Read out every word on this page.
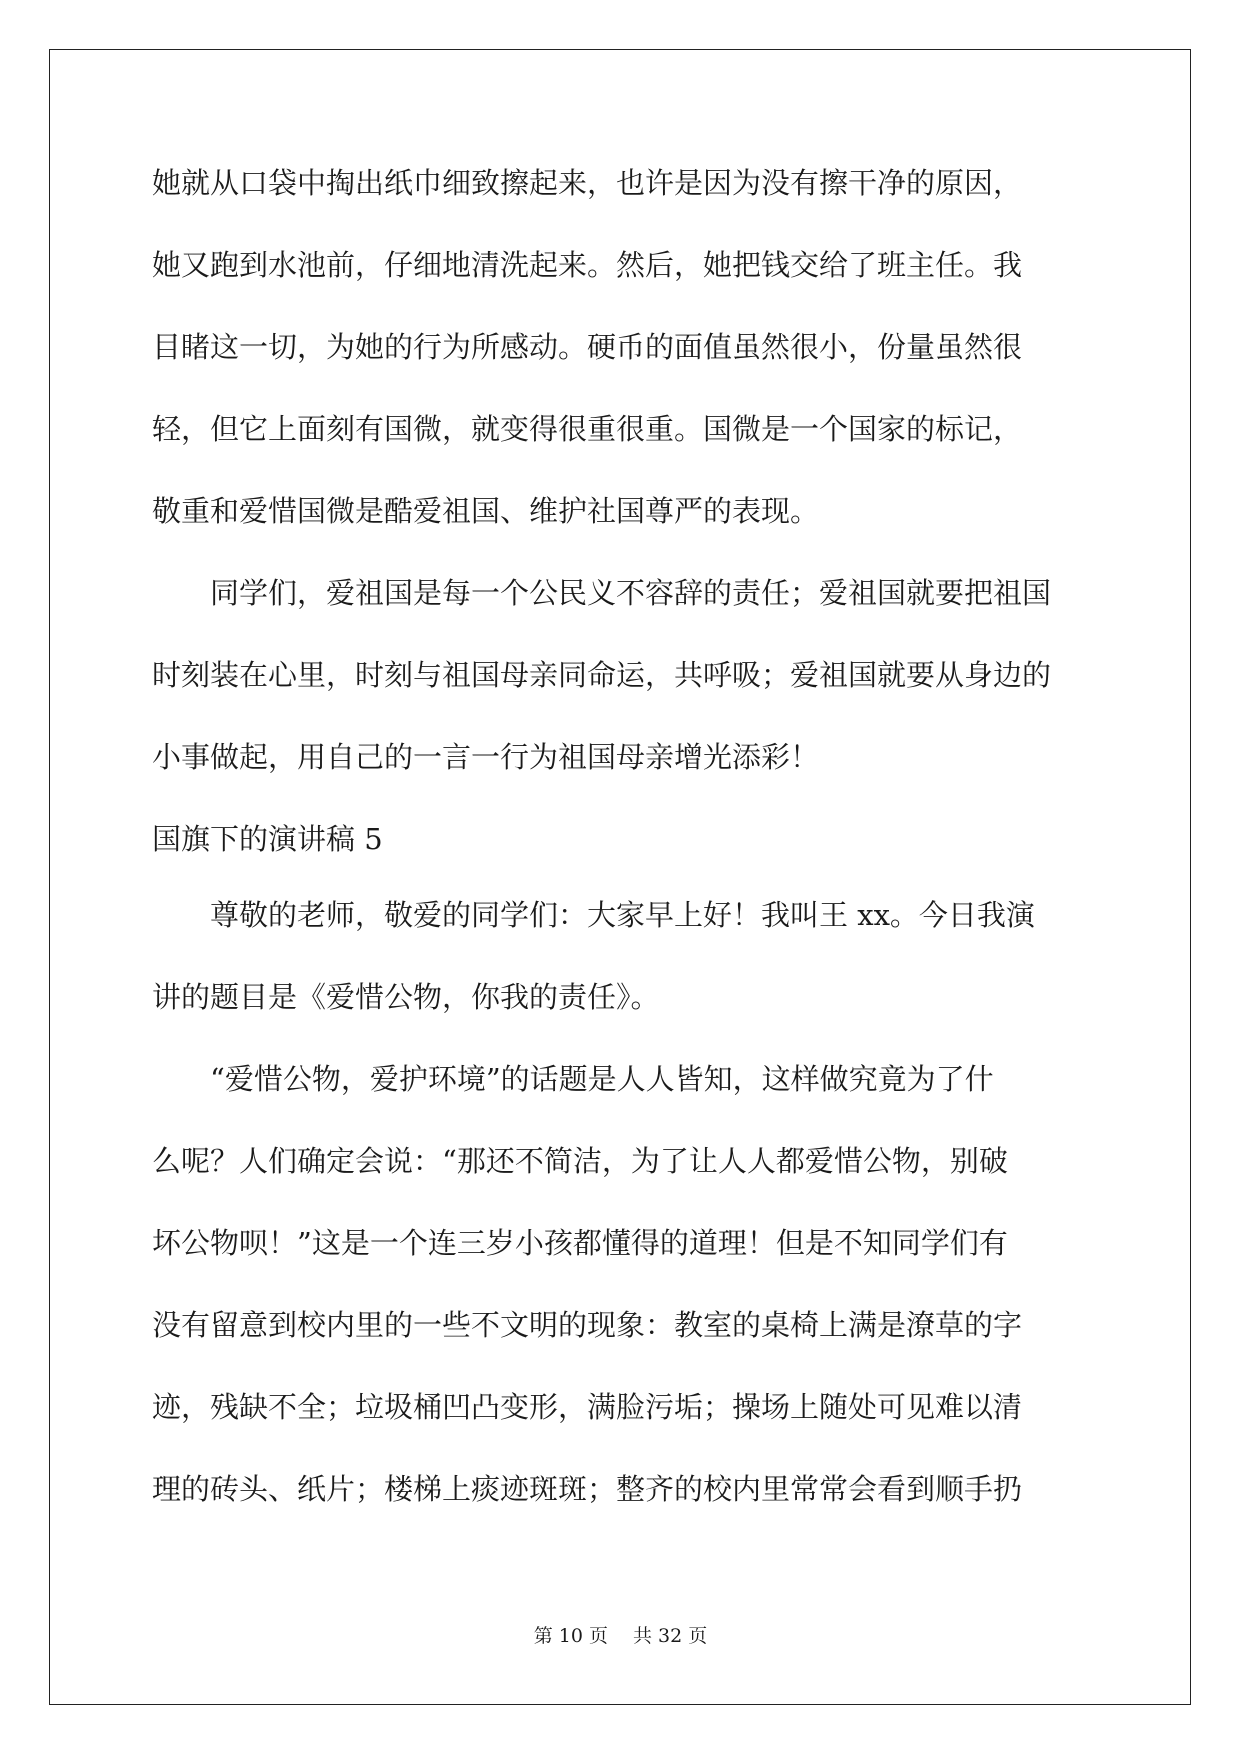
她就从口袋中掏出纸巾细致擦起来，也许是因为没有擦干净的原因，
她又跑到水池前，仔细地清洗起来。然后，她把钱交给了班主任。我
目睹这一切，为她的行为所感动。硬币的面值虽然很小，份量虽然很
轻，但它上面刻有国微，就变得很重很重。国微是一个国家的标记，
敬重和爱惜国微是酷爱祖国、维护社国尊严的表现。
　　同学们，爱祖国是每一个公民义不容辞的责任；爱祖国就要把祖国
时刻装在心里，时刻与祖国母亲同命运，共呼吸；爱祖国就要从身边的
小事做起，用自己的一言一行为祖国母亲增光添彩！
国旗下的演讲稿 5
　　尊敬的老师，敬爱的同学们：大家早上好！我叫王 xx。今日我演
讲的题目是《爱惜公物，你我的责任》。
　　“爱惜公物，爱护环境”的话题是人人皆知，这样做究竟为了什
么呢？人们确定会说：“那还不简洁，为了让人人都爱惜公物，别破
坏公物呗！”这是一个连三岁小孩都懂得的道理！但是不知同学们有
没有留意到校内里的一些不文明的现象：教室的桌椅上满是潦草的字
迹，残缺不全；垃圾桶凹凸变形，满脸污垢；操场上随处可见难以清
理的砖头、纸片；楼梯上痰迹斑斑；整齐的校内里常常会看到顺手扔
第 10 页　 共 32 页
